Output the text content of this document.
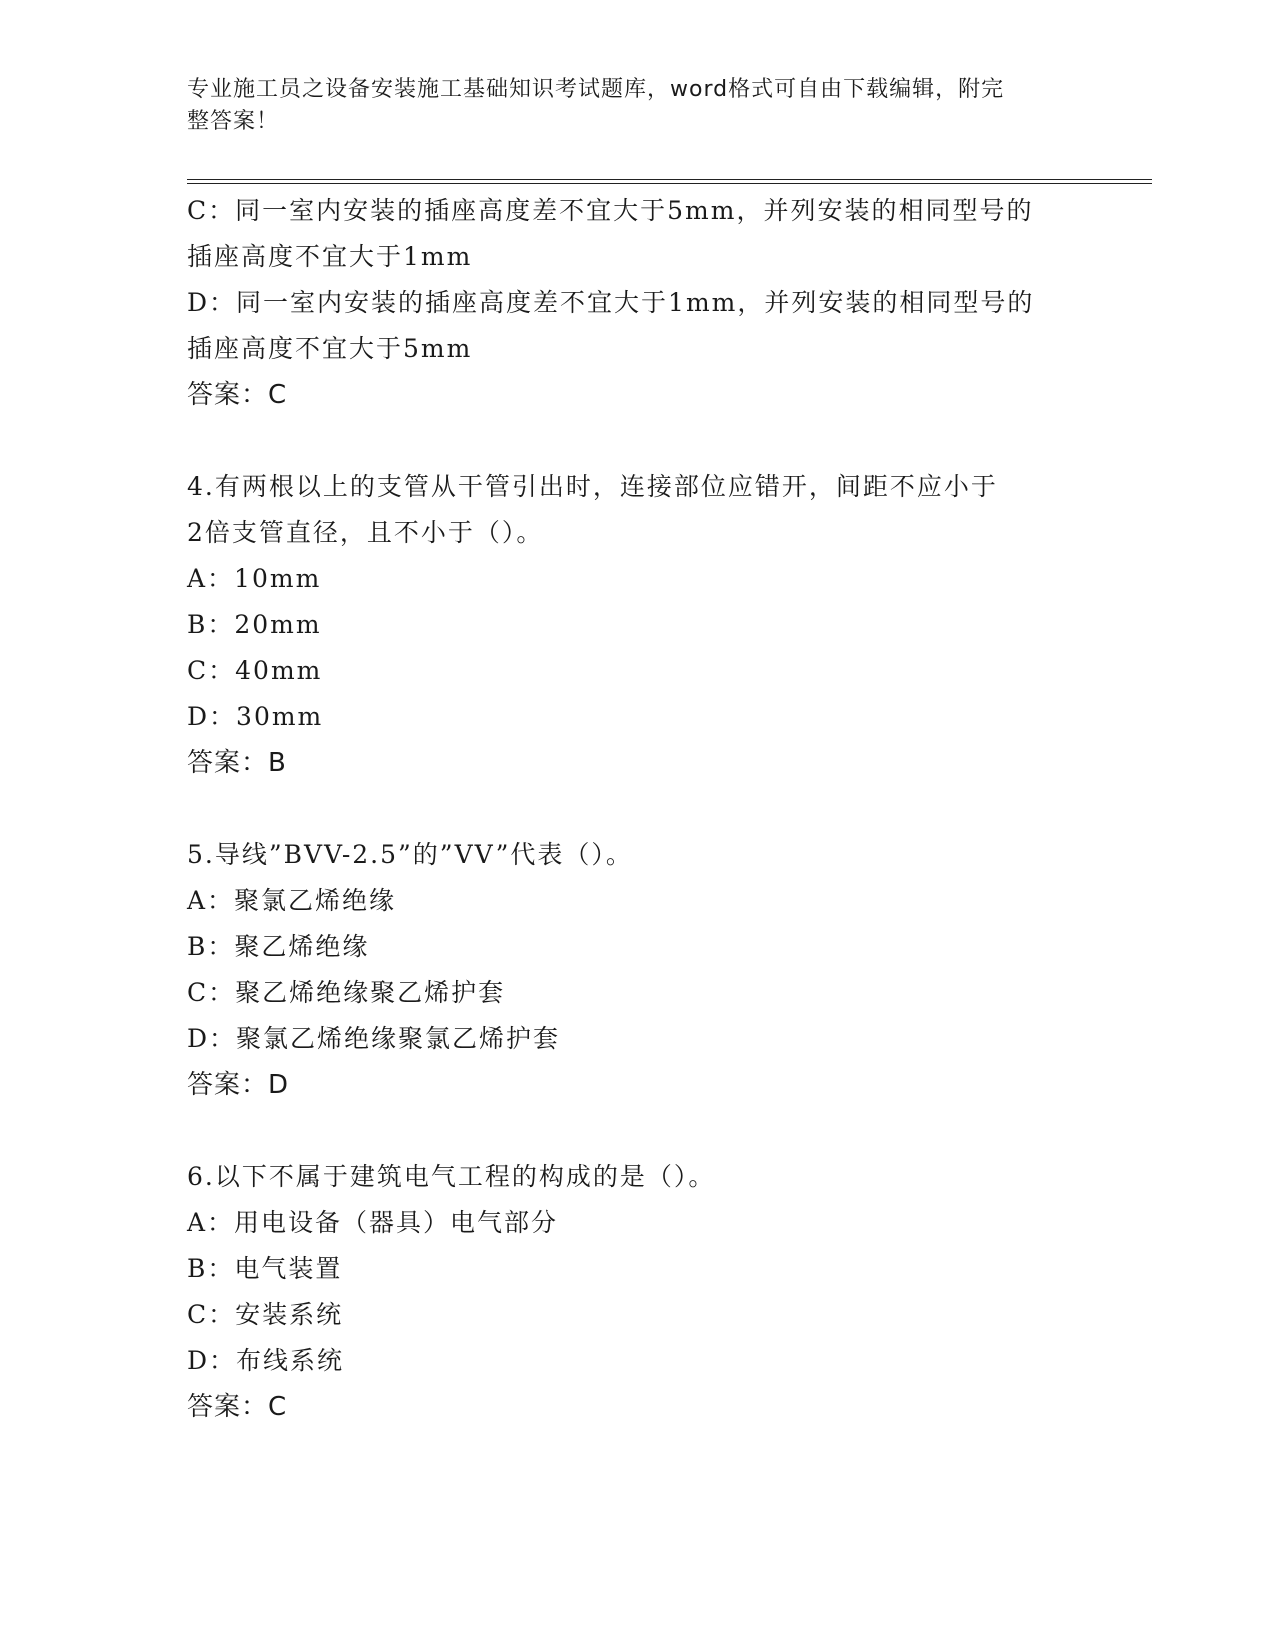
专业施工员之设备安装施工基础知识考试题库，word格式可自由下载编辑，附完
整答案！
C：同一室内安装的插座高度差不宜大于5mm，并列安装的相同型号的
插座高度不宜大于1mm
D：同一室内安装的插座高度差不宜大于1mm，并列安装的相同型号的
插座高度不宜大于5mm
答案：C
4.有两根以上的支管从干管引出时，连接部位应错开，间距不应小于
2倍支管直径，且不小于（）。
A：10mm
B：20mm
C：40mm
D：30mm
答案：B
5.导线”BVV-2.5”的”VV”代表（）。
A：聚氯乙烯绝缘
B：聚乙烯绝缘
C：聚乙烯绝缘聚乙烯护套
D：聚氯乙烯绝缘聚氯乙烯护套
答案：D
6.以下不属于建筑电气工程的构成的是（）。
A：用电设备（器具）电气部分
B：电气装置
C：安装系统
D：布线系统
答案：C
